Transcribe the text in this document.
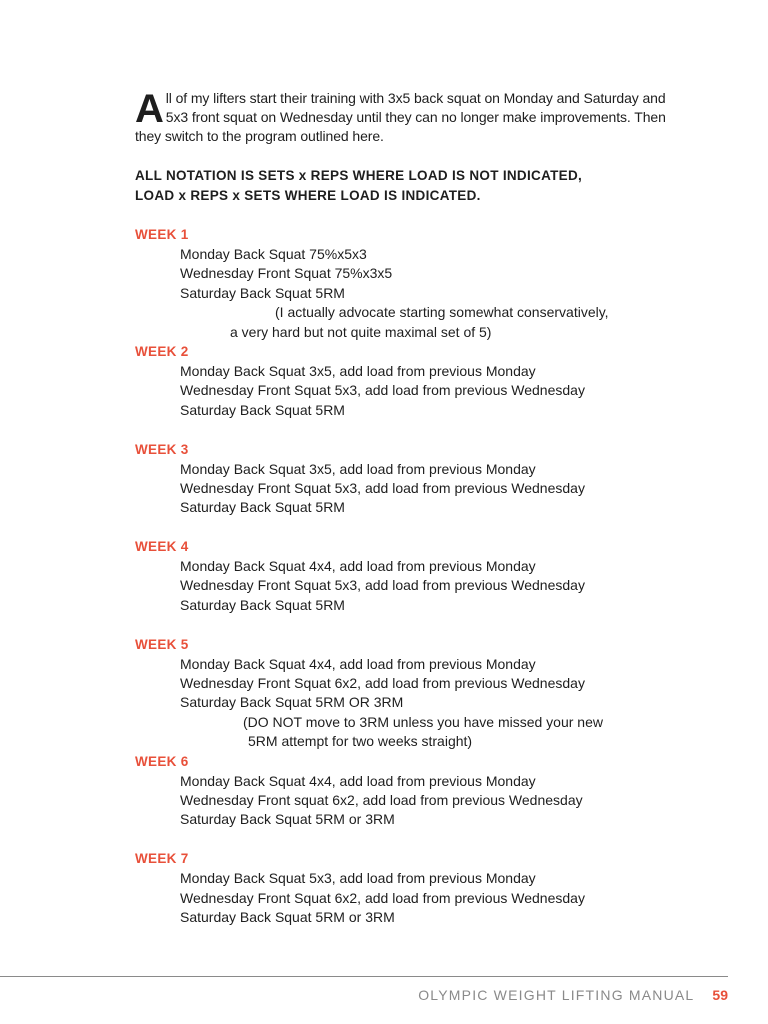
All of my lifters start their training with 3x5 back squat on Monday and Saturday and 5x3 front squat on Wednesday until they can no longer make improvements. Then they switch to the program outlined here.
ALL NOTATION IS SETS x REPS WHERE LOAD IS NOT INDICATED,
LOAD x REPS x SETS WHERE LOAD IS INDICATED.
WEEK 1
Monday Back Squat 75%x5x3
Wednesday Front Squat 75%x3x5
Saturday Back Squat 5RM
(I actually advocate starting somewhat conservatively,
a very hard but not quite maximal set of 5)
WEEK 2
Monday Back Squat 3x5, add load from previous Monday
Wednesday Front Squat 5x3, add load from previous Wednesday
Saturday Back Squat 5RM
WEEK 3
Monday Back Squat 3x5, add load from previous Monday
Wednesday Front Squat 5x3, add load from previous Wednesday
Saturday Back Squat 5RM
WEEK 4
Monday Back Squat 4x4, add load from previous Monday
Wednesday Front Squat 5x3, add load from previous Wednesday
Saturday Back Squat 5RM
WEEK 5
Monday Back Squat 4x4, add load from previous Monday
Wednesday Front Squat 6x2, add load from previous Wednesday
Saturday Back Squat 5RM OR 3RM
(DO NOT move to 3RM unless you have missed your new
5RM attempt for two weeks straight)
WEEK 6
Monday Back Squat 4x4, add load from previous Monday
Wednesday Front squat 6x2, add load from previous Wednesday
Saturday Back Squat 5RM or 3RM
WEEK 7
Monday Back Squat 5x3, add load from previous Monday
Wednesday Front Squat 6x2, add load from previous Wednesday
Saturday Back Squat 5RM or 3RM
OLYMPIC WEIGHT LIFTING MANUAL 59
